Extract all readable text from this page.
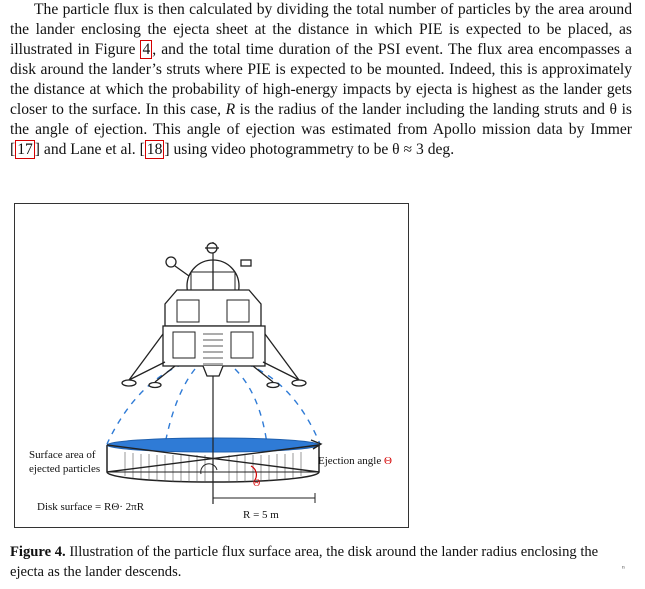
The particle flux is then calculated by dividing the total number of particles by the area around the lander enclosing the ejecta sheet at the distance in which PIE is expected to be placed, as illustrated in Figure 4 , and the total time duration of the PSI event. The flux area encompasses a disk around the lander’s struts where PIE is expected to be mounted. Indeed, this is approximately the distance at which the probability of high-energy impacts by ejecta is highest as the lander gets closer to the surface. In this case, R is the radius of the lander including the landing struts and θ is the angle of ejection. This angle of ejection was estimated from Apollo mission data by Immer [ 17 ] and Lane et al. [ 18 ] using video photogrammetry to be θ ≈ 3 deg.

Surface area of
ejected particles
Ejection angle Θ
Θ
Disk surface = RΘ· 2πR
R = 5 m

Figure 4. Illustration of the particle flux surface area, the disk around the lander radius enclosing the ejecta as the lander descends.	ⁿ
